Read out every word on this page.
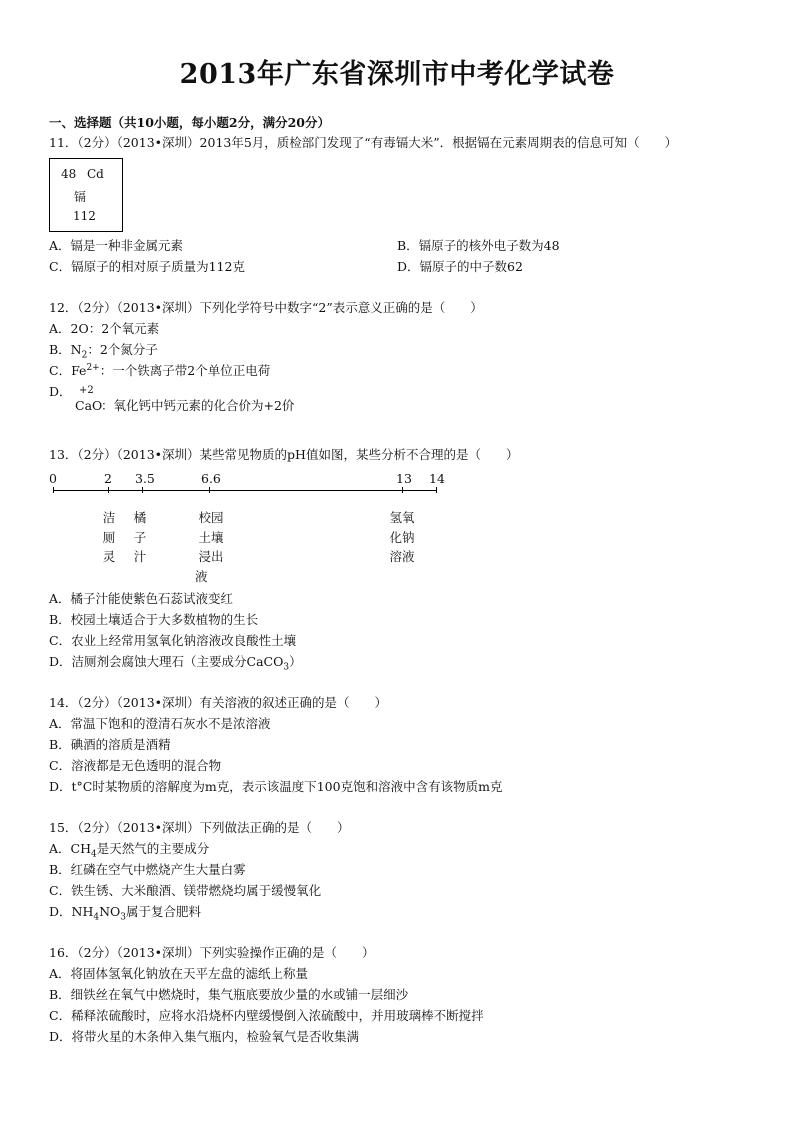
2013年广东省深圳市中考化学试卷
一、选择题（共10小题，每小题2分，满分20分）
11．（2分）（2013•深圳）2013年5月，质检部门发现了“有毒镉大米”．根据镉在元素周期表的信息可知（　　）
48 Cd
镉
112
A．镉是一种非金属元素	B．镉原子的核外电子数为48
C．镉原子的相对原子质量为112克	D．镉原子的中子数62
12．（2分）（2013•深圳）下列化学符号中数字“2”表示意义正确的是（　　）
A．2O：2个氧元素
B．$N_2$：2个氮分子
C．$Fe^{2+}$：一个铁离子带2个单位正电荷
D． +2
CaO
：氧化钙中钙元素的化合价为+2价
13．（2分）（2013•深圳）某些常见物质的pH值如图，某些分析不合理的是（　　）
0	2 3.5	6.6	13 14
洁
厕
灵
橘
子
汁
校园
土壤
浸出
液
氢氧
化钠
溶液
A．橘子汁能使紫色石蕊试液变红
B．校园土壤适合于大多数植物的生长
C．农业上经常用氢氧化钠溶液改良酸性土壤
D．洁厕剂会腐蚀大理石（主要成分CaCO$_3$）
14．（2分）（2013•深圳）有关溶液的叙述正确的是（　　）
A．常温下饱和的澄清石灰水不是浓溶液
B．碘酒的溶质是酒精
C．溶液都是无色透明的混合物
D．t°C时某物质的溶解度为m克，表示该温度下100克饱和溶液中含有该物质m克
15．（2分）（2013•深圳）下列做法正确的是（　　）
A．$CH_4$是天然气的主要成分
B．红磷在空气中燃烧产生大量白雾
C．铁生锈、大米酿酒、镁带燃烧均属于缓慢氧化
D．$NH_4NO_3$属于复合肥料
16．（2分）（2013•深圳）下列实验操作正确的是（　　）
A．将固体氢氧化钠放在天平左盘的滤纸上称量
B．细铁丝在氧气中燃烧时，集气瓶底要放少量的水或铺一层细沙
C．稀释浓硫酸时，应将水沿烧杯内壁缓慢倒入浓硫酸中，并用玻璃棒不断搅拌
D．将带火星的木条伸入集气瓶内，检验氧气是否收集满
